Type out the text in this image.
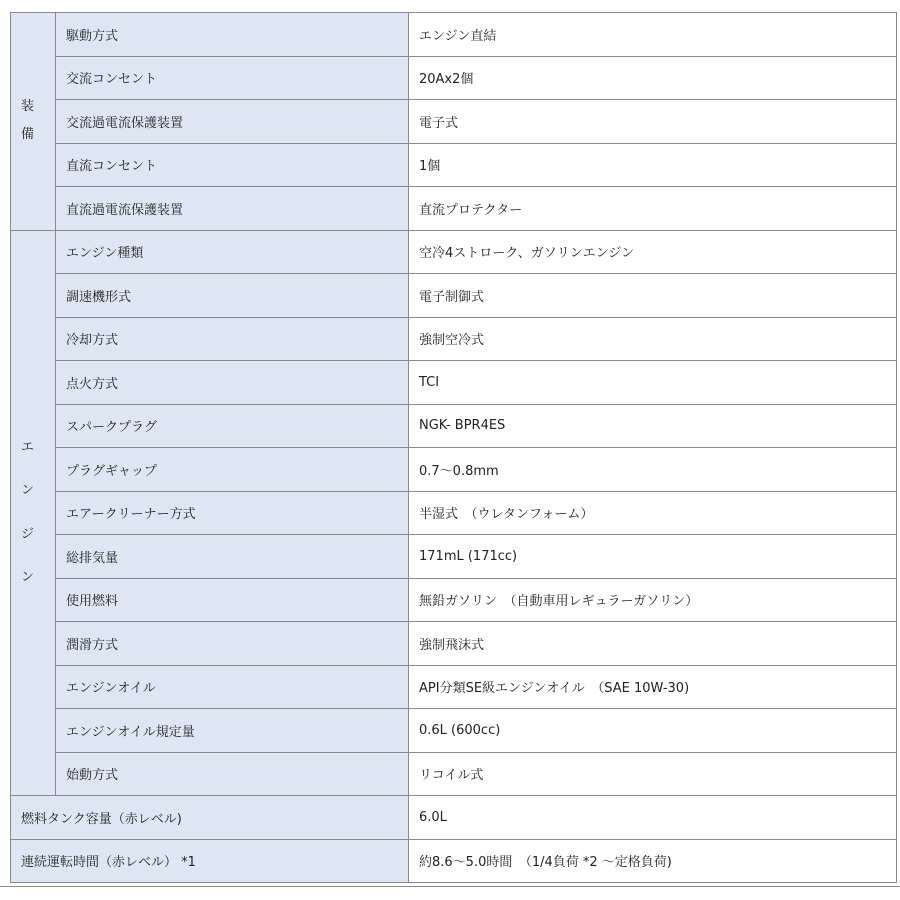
装
備	駆動方式	エンジン直結
	交流コンセント	20Ax2個
	交流過電流保護装置	電子式
	直流コンセント	1個
	直流過電流保護装置	直流プロテクター

エ
ン
ジ
ン	エンジン種類	空冷4ストローク、ガソリンエンジン
	調速機形式	電子制御式
	冷却方式	強制空冷式
	点火方式	TCI
	スパークプラグ	NGK- BPR4ES
	プラグギャップ	0.7～0.8mm
	エアークリーナー方式	半湿式　（ウレタンフォーム）
	総排気量	171mL (171cc)
	使用燃料	無鉛ガソリン　（自動車用レギュラーガソリン）
	潤滑方式	強制飛沫式
	エンジンオイル	API分類SE級エンジンオイル　（SAE 10W-30)
	エンジンオイル規定量	0.6L (600cc)
	始動方式	リコイル式
燃料タンク容量（赤レベル)		6.0L
連続運転時間（赤レベル） *1		約8.6～5.0時間　（1/4負荷 *2 ～定格負荷)
